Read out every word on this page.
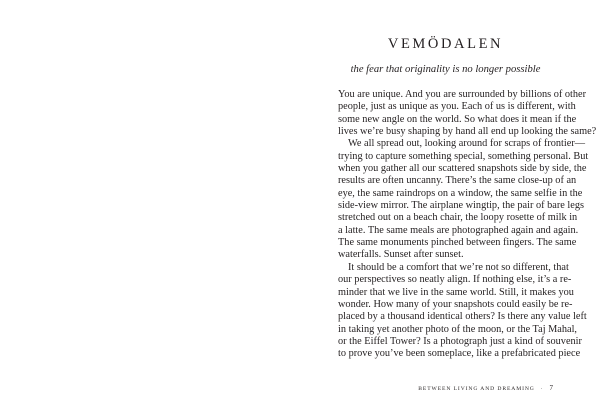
VEMÖDALEN
the fear that originality is no longer possible
You are unique. And you are surrounded by billions of other
people, just as unique as you. Each of us is different, with
some new angle on the world. So what does it mean if the
lives we’re busy shaping by hand all end up looking the same?
We all spread out, looking around for scraps of frontier—
trying to capture something special, something personal. But
when you gather all our scattered snapshots side by side, the
results are often uncanny. There’s the same close-up of an
eye, the same raindrops on a window, the same selfie in the
side-view mirror. The airplane wingtip, the pair of bare legs
stretched out on a beach chair, the loopy rosette of milk in
a latte. The same meals are photographed again and again.
The same monuments pinched between fingers. The same
waterfalls. Sunset after sunset.
It should be a comfort that we’re not so different, that
our perspectives so neatly align. If nothing else, it’s a re-
minder that we live in the same world. Still, it makes you
wonder. How many of your snapshots could easily be re-
placed by a thousand identical others? Is there any value left
in taking yet another photo of the moon, or the Taj Mahal,
or the Eiffel Tower? Is a photograph just a kind of souvenir
to prove you’ve been someplace, like a prefabricated piece
BETWEEN LIVING AND DREAMING · 7
